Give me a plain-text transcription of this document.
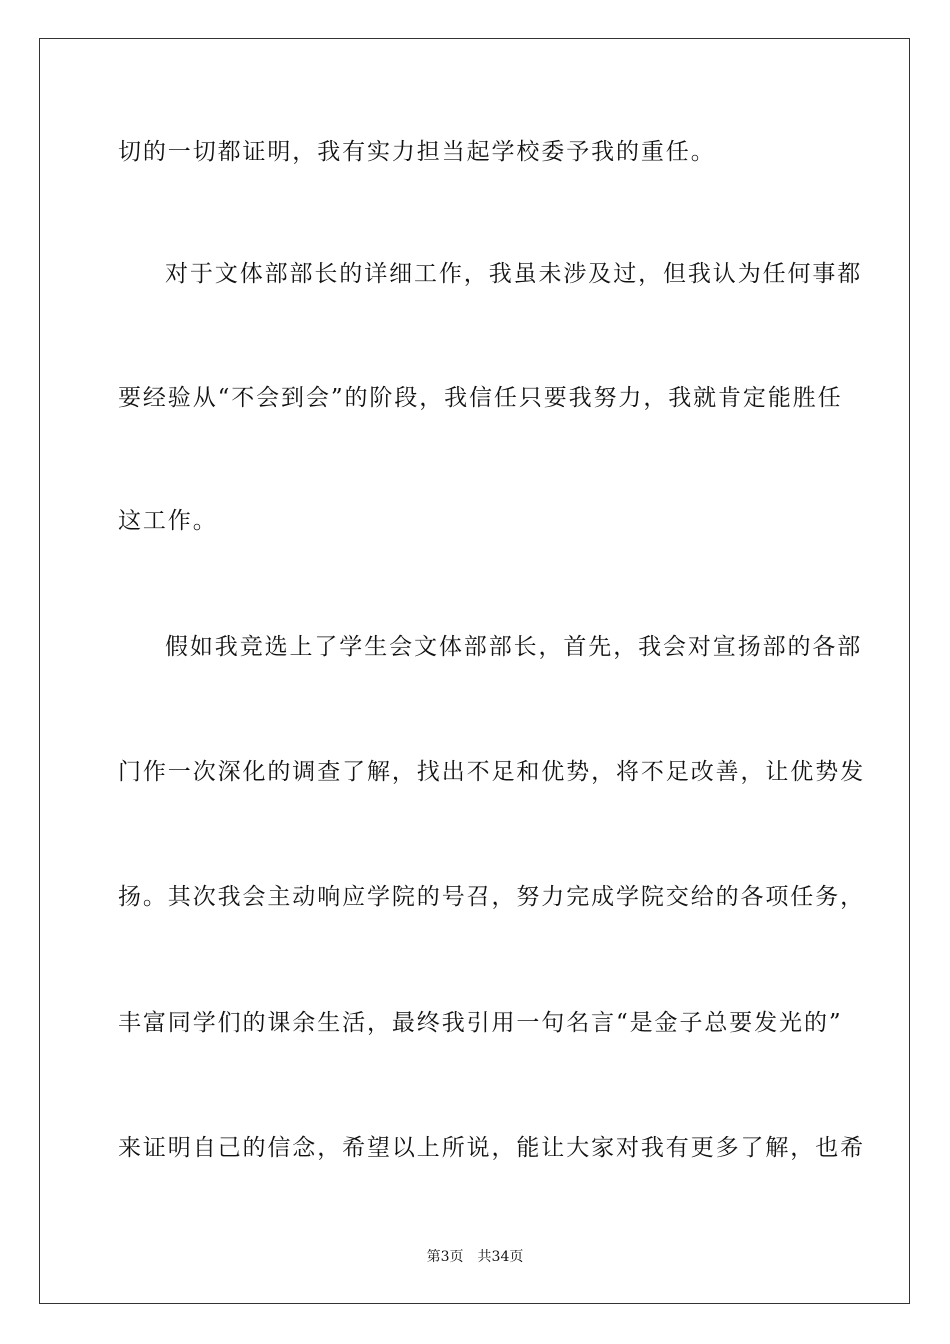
切的一切都证明，我有实力担当起学校委予我的重任。
对于文体部部长的详细工作，我虽未涉及过，但我认为任何事都
要经验从“不会到会”的阶段，我信任只要我努力，我就肯定能胜任
这工作。
假如我竞选上了学生会文体部部长，首先，我会对宣扬部的各部
门作一次深化的调查了解，找出不足和优势，将不足改善，让优势发
扬。其次我会主动响应学院的号召，努力完成学院交给的各项任务，
丰富同学们的课余生活，最终我引用一句名言“是金子总要发光的”
来证明自己的信念，希望以上所说，能让大家对我有更多了解，也希
第3页 共34页
